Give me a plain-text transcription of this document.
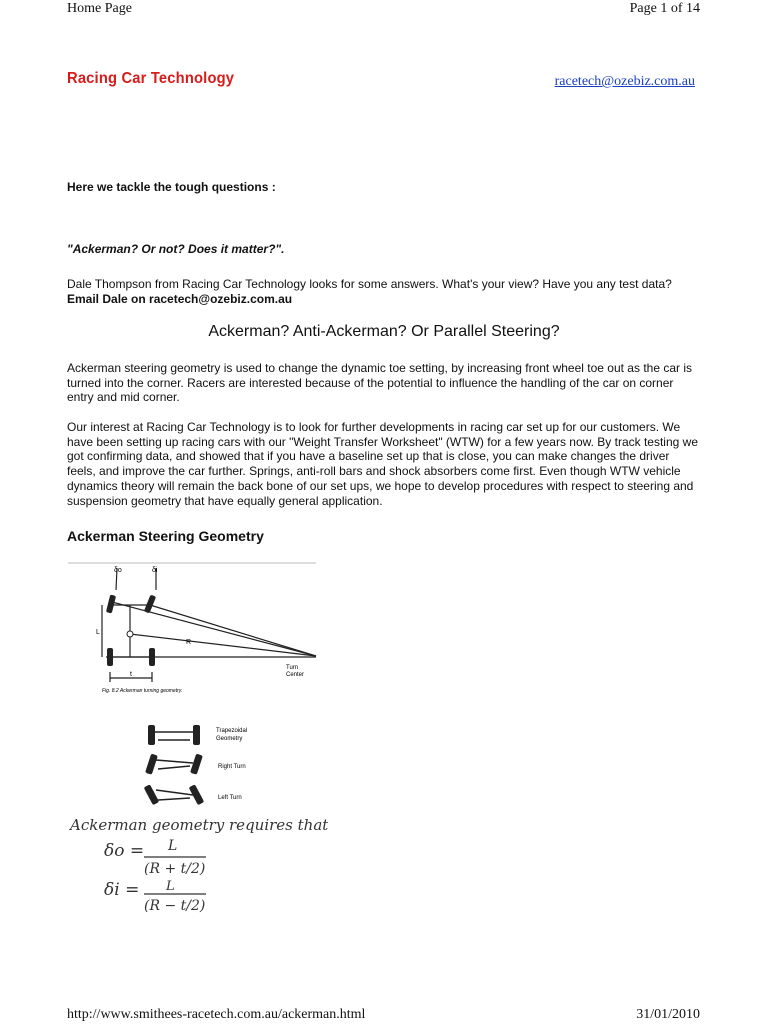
Home Page	Page 1 of 14
Racing Car Technology	racetech@ozebiz.com.au
Here we tackle the tough questions :
"Ackerman? Or not? Does it matter?".
Dale Thompson from Racing Car Technology looks for some answers. What's your view? Have you any test data? Email Dale on racetech@ozebiz.com.au
Ackerman? Anti-Ackerman? Or Parallel Steering?
Ackerman steering geometry is used to change the dynamic toe setting, by increasing front wheel toe out as the car is turned into the corner. Racers are interested because of the potential to influence the handling of the car on corner entry and mid corner.
Our interest at Racing Car Technology is to look for further developments in racing car set up for our customers. We have been setting up racing cars with our "Weight Transfer Worksheet" (WTW) for a few years now. By track testing we got confirming data, and showed that if you have a baseline set up that is close, you can make changes the driver feels, and improve the car further. Springs, anti-roll bars and shock absorbers come first. Even though WTW vehicle dynamics theory will remain the back bone of our set ups, we hope to develop procedures with respect to steering and suspension geometry that have equally general application.
Ackerman Steering Geometry
L
R
t
δo	δi
Turn
Center
Fig. 8.2 Ackerman turning geometry.
Trapezoidal
Geometry
Right Turn
Left Turn
Ackerman geometry requires that:—
δo = L
(R + t/2)
δi = L
(R − t/2)
http://www.smithees-racetech.com.au/ackerman.html	31/01/2010
